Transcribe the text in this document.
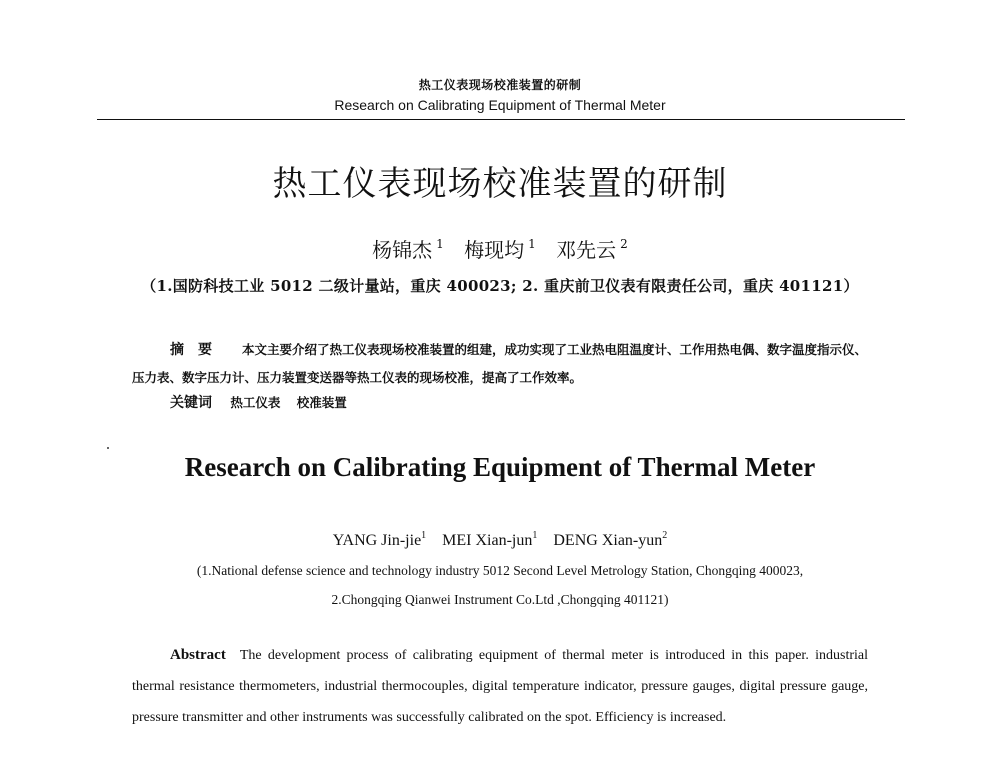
热工仪表现场校准装置的研制
Research on Calibrating Equipment of Thermal Meter
热工仪表现场校准装置的研制
杨锦杰 $^1$ 梅现均 $^1$ 邓先云 $^2$
（1.国防科技工业 5012 二级计量站，重庆 400023; 2. 重庆前卫仪表有限责任公司，重庆 401121）
摘要 本文主要介绍了热工仪表现场校准装置的组建，成功实现了工业热电阻温度计、工作用热电偶、数字温度指示仪、压力表、数字压力计、压力装置变送器等热工仪表的现场校准，提高了工作效率。
关键词 热工仪表 校准装置
Research on Calibrating Equipment of Thermal Meter
YANG Jin-jie$^1$ MEI Xian-jun$^1$ DENG Xian-yun$^2$
(1.National defense science and technology industry 5012 Second Level Metrology Station, Chongqing 400023,
2.Chongqing Qianwei Instrument Co.Ltd ,Chongqing 401121)
Abstract The development process of calibrating equipment of thermal meter is introduced in this paper. industrial thermal resistance thermometers, industrial thermocouples, digital temperature indicator, pressure gauges, digital pressure gauge, pressure transmitter and other instruments was successfully calibrated on the spot. Efficiency is increased.
